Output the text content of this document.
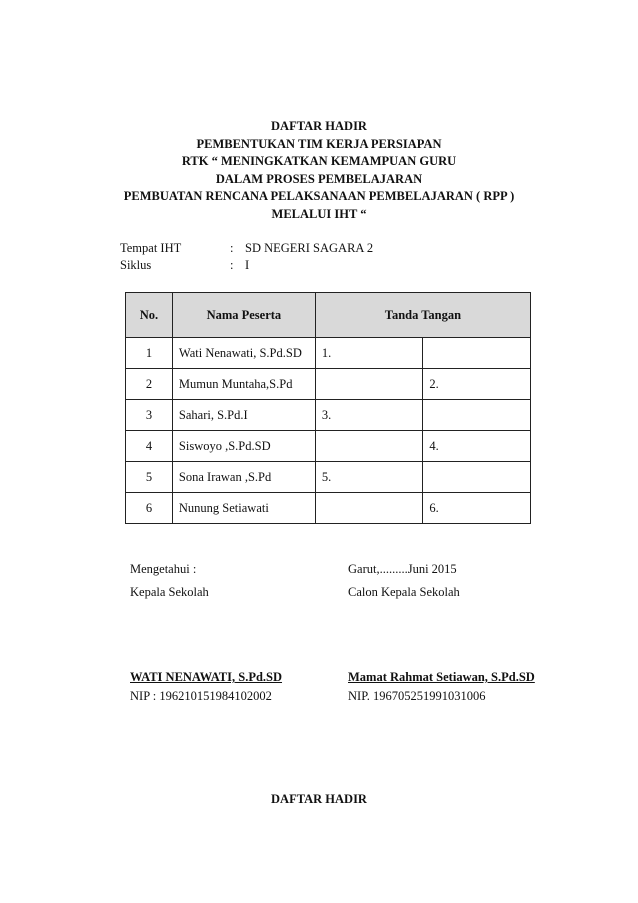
DAFTAR HADIR
PEMBENTUKAN TIM KERJA PERSIAPAN
RTK “ MENINGKATKAN KEMAMPUAN GURU
DALAM PROSES PEMBELAJARAN
PEMBUATAN RENCANA PELAKSANAAN PEMBELAJARAN ( RPP )
MELALUI IHT “
Tempat IHT	: SD NEGERI SAGARA 2
Siklus	: I
No.	Nama Peserta	Tanda Tangan	
1	Wati Nenawati, S.Pd.SD	1.	
2	Mumun Muntaha,S.Pd		2.
3	Sahari, S.Pd.I	3.	
4	Siswoyo ,S.Pd.SD		4.
5	Sona Irawan ,S.Pd	5.	
6	Nunung Setiawati		6.
Mengetahui :
Kepala Sekolah
WATI NENAWATI, S.Pd.SD
NIP : 196210151984102002
Garut,.........Juni 2015
Calon Kepala Sekolah
Mamat Rahmat Setiawan, S.Pd.SD
NIP. 196705251991031006
DAFTAR HADIR
